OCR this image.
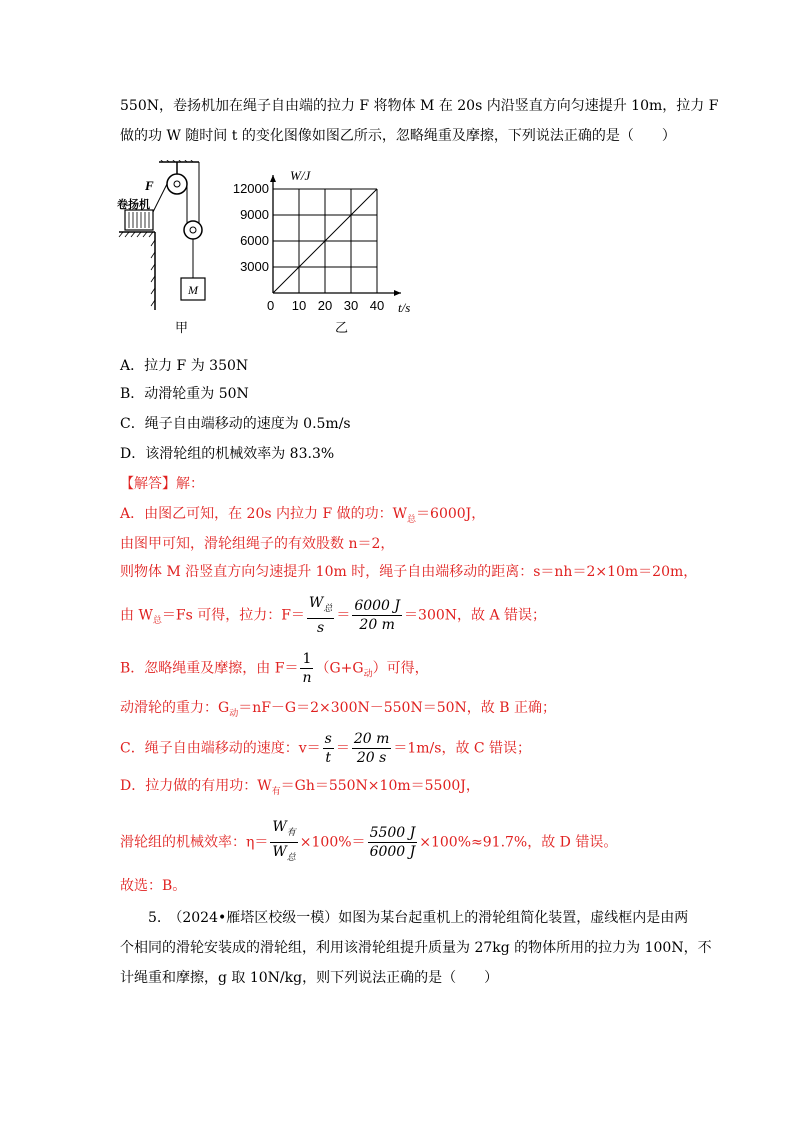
550N，卷扬机加在绳子自由端的拉力 F 将物体 M 在 20s 内沿竖直方向匀速提升 10m，拉力 F
做的功 W 随时间 t 的变化图像如图乙所示，忽略绳重及摩擦，下列说法正确的是（　　）
卷扬机
F
M
甲
W/J
t/s
0
乙
10 20 30 40
3000
6000
9000
12000
A．拉力 F 为 350N
B．动滑轮重为 50N
C．绳子自由端移动的速度为 0.5m/s
D．该滑轮组的机械效率为 83.3%
【解答】解：
A．由图乙可知，在 20s 内拉力 F 做的功：$W_总=6000J$，
由图甲可知，滑轮组绳子的有效股数 n＝2，
则物体 M 沿竖直方向匀速提升 10m 时，绳子自由端移动的距离：s＝nh＝2×10m＝20m，
由 $W_总=Fs$ 可得，拉力：$F= \frac{W_总}{s} = \frac{6000 J}{20 m} =300N$，故 A 错误；
B．忽略绳重及摩擦，由 $F= \frac{1}{n} (G+G_动)$可得，
动滑轮的重力：$G_动=nF-G=2\times 300N-550N=50N$，故 B 正确；
C．绳子自由端移动的速度：$v= \frac{s}{t} = \frac{20 m}{20 s} =1m/s$，故 C 错误；
D．拉力做的有用功：$W_有=Gh=550N\times 10m=5500J$，
滑轮组的机械效率：$\eta= \frac{W_有}{W_总} \times 100\%= \frac{5500 J}{6000 J} \times 100\%\approx 91.7\%$，故 D 错误。
故选：B。
5.　（2024•雁塔区校级一模）如图为某台起重机上的滑轮组简化装置，虚线框内是由两
个相同的滑轮安装成的滑轮组，利用该滑轮组提升质量为 27kg 的物体所用的拉力为 100N，不
计绳重和摩擦，g 取 10N/kg，则下列说法正确的是（　　）
